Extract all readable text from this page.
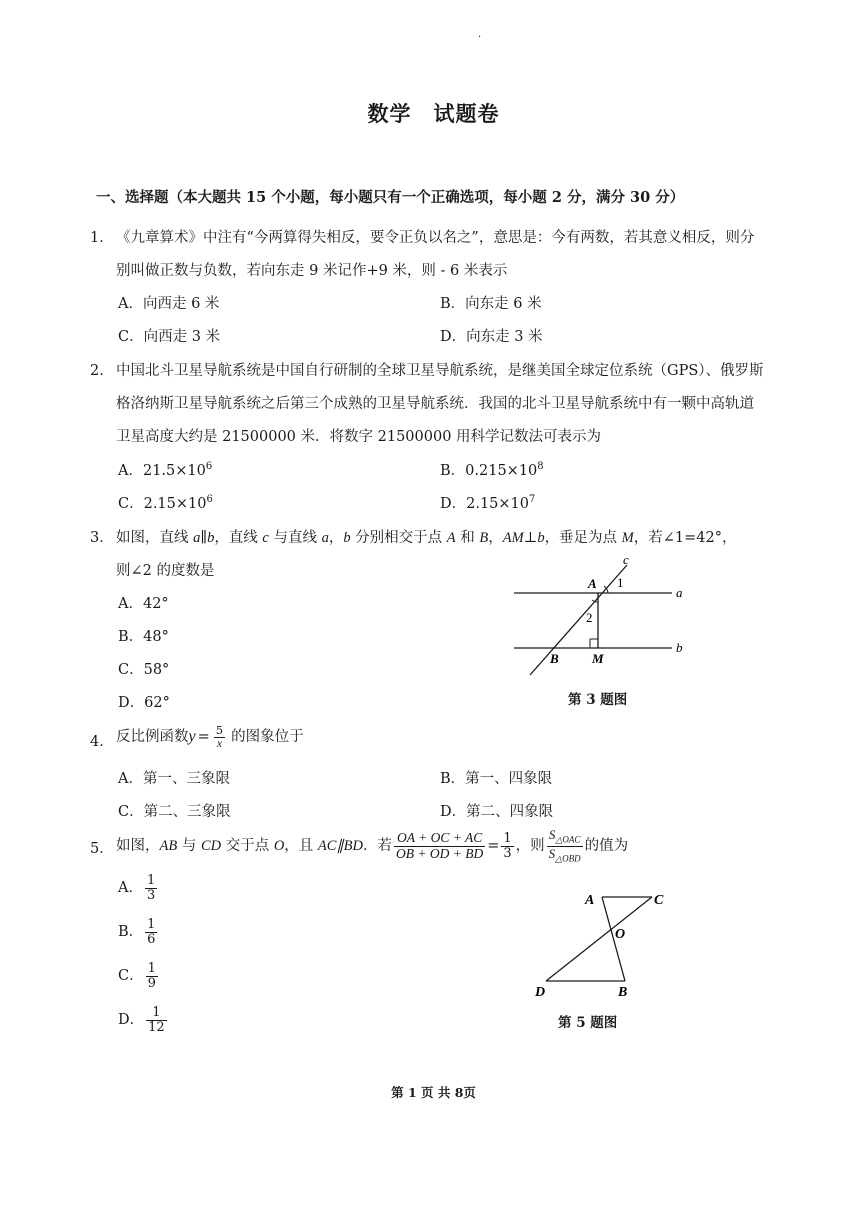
·
数学　试题卷
一、选择题（本大题共 15 个小题，每小题只有一个正确选项，每小题 2 分，满分 30 分）
1． 《九章算术》中注有“今两算得失相反，要令正负以名之”，意思是：今有两数，若其意义相反，则分
别叫做正数与负数，若向东走 9 米记作+9 米，则 - 6 米表示
A．向西走 6 米	B．向东走 6 米
C．向西走 3 米	D．向东走 3 米
2． 中国北斗卫星导航系统是中国自行研制的全球卫星导航系统，是继美国全球定位系统（GPS）、俄罗斯
格洛纳斯卫星导航系统之后第三个成熟的卫星导航系统．我国的北斗卫星导航系统中有一颗中高轨道
卫星高度大约是 21500000 米．将数字 21500000 用科学记数法可表示为
A．$21.5\times 10^6$	B．$0.215\times 10^8$
C．$2.15\times 10^6$	D．$2.15\times 10^7$
3． 如图，直线 a∥b，直线 c 与直线 a，b 分别相交于点 A 和 B，AM⊥b，垂足为点 M，若∠1=42°，
则∠2 的度数是
A．42°
B．48°
C．58°
D．62°
c
A 1
a
2
B	M
b
第 3 题图
4． 反比例函数$y = \frac{5}{x}$ 的图象位于
A．第一、三象限	B．第一、四象限
C．第二、三象限	D．第二、四象限
5． 如图，AB 与 CD 交于点 O，且 AC∥BD．若 $\frac{OA + OC + AC}{OB + OD + BD} = \frac{1}{3}$ ，则 $\frac{S_{\triangle OAC}}{S_{\triangle OBD}}$ 的值为
A． $\frac{1}{3}$
B． $\frac{1}{6}$
C． $\frac{1}{9}$
D． $\frac{1}{12}$
A	C
O
D	B
第 5 题图
第 1 页 共 8页
